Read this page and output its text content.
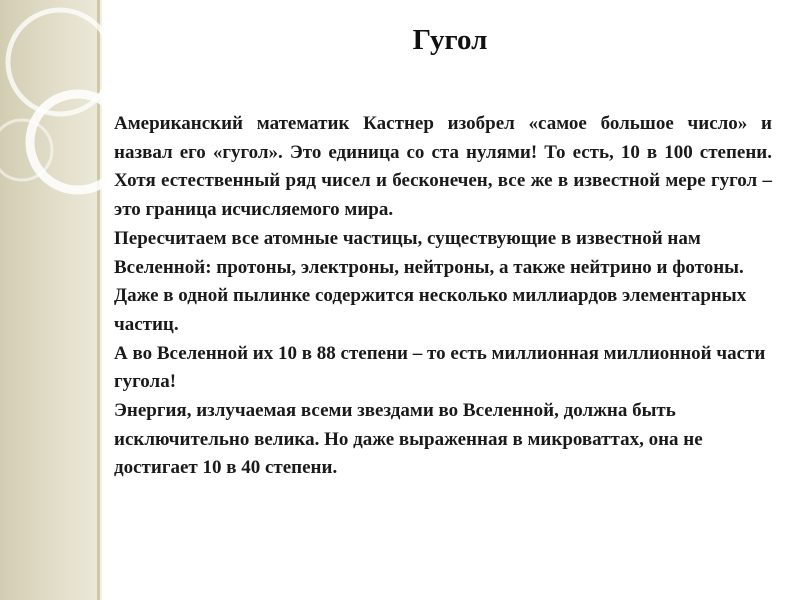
Гугол

Американский математик Кастнер изобрел «самое большое число» и назвал его «гугол». Это единица со ста нулями! То есть, 10 в 100 степени. Хотя естественный ряд чисел и бесконечен, все же в известной мере гугол – это граница исчисляемого мира.

Пересчитаем все атомные частицы, существующие в известной нам Вселенной: протоны, электроны, нейтроны, а также нейтрино и фотоны.

Даже в одной пылинке содержится несколько миллиардов элементарных частиц.

А во Вселенной их 10 в 88 степени – то есть миллионная миллионной части гугола!

Энергия, излучаемая всеми звездами во Вселенной, должна быть исключительно велика. Но даже выраженная в микроваттах, она не достигает 10 в 40 степени.
